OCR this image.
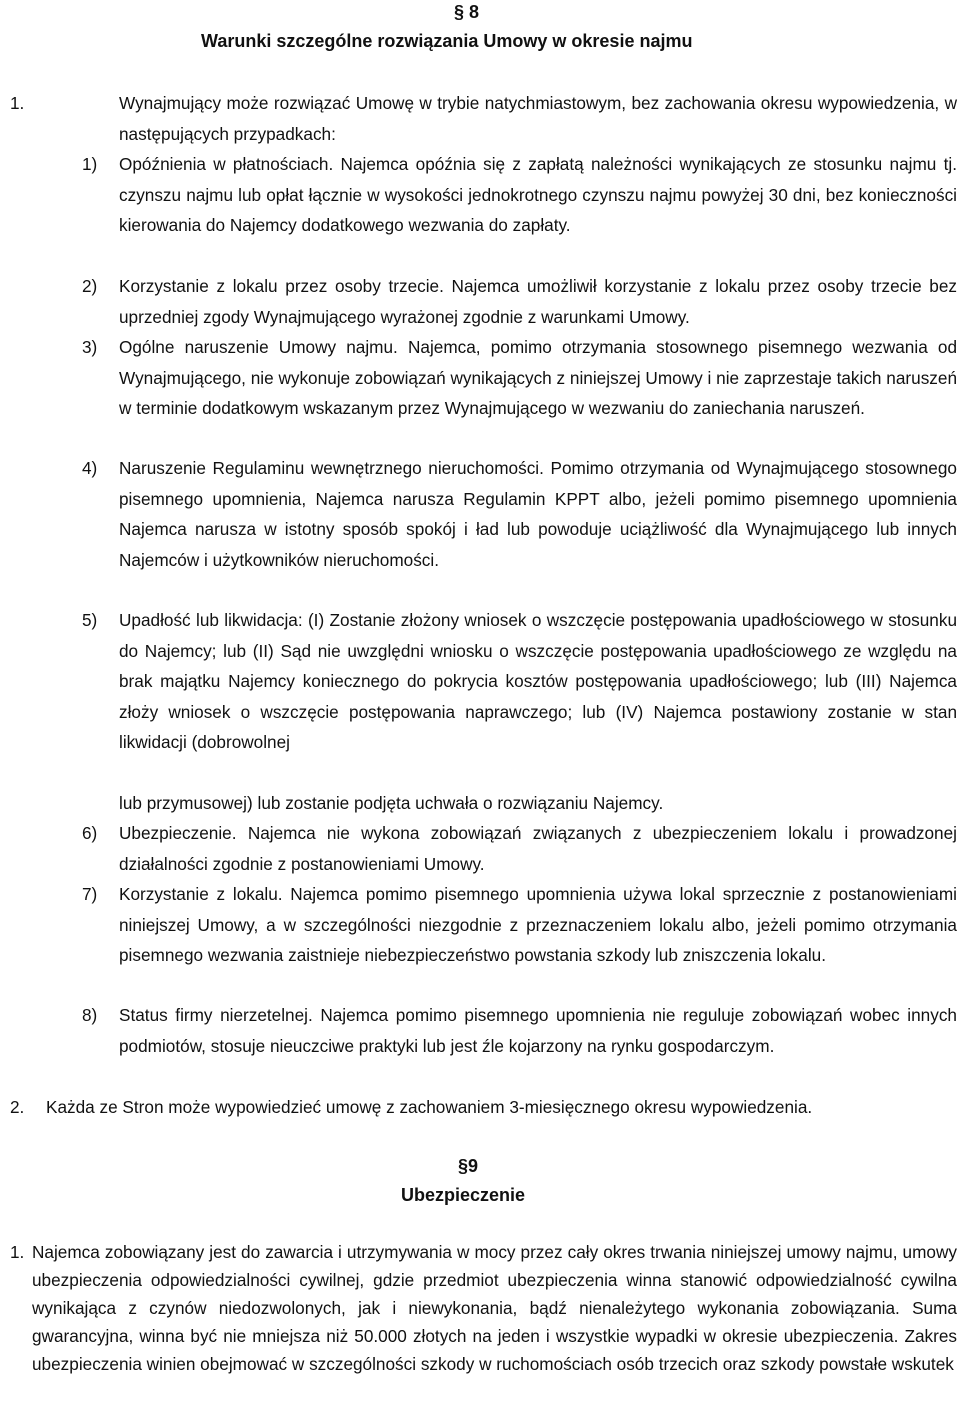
§ 8
Warunki szczególne rozwiązania Umowy w okresie najmu
1.	Wynajmujący może rozwiązać Umowę w trybie natychmiastowym, bez zachowania okresu wypowiedzenia, w następujących przypadkach:

1)	Opóźnienia w płatnościach. Najemca opóźnia się z zapłatą należności wynikających ze stosunku najmu tj. czynszu najmu lub opłat łącznie w wysokości jednokrotnego czynszu najmu powyżej 30 dni, bez konieczności kierowania do Najemcy dodatkowego wezwania do zapłaty.

2)	Korzystanie z lokalu przez osoby trzecie. Najemca umożliwił korzystanie z lokalu przez osoby trzecie bez uprzedniej zgody Wynajmującego wyrażonej zgodnie z warunkami Umowy.

3)	Ogólne naruszenie Umowy najmu. Najemca, pomimo otrzymania stosownego pisemnego wezwania od Wynajmującego, nie wykonuje zobowiązań wynikających z niniejszej Umowy i nie zaprzestaje takich naruszeń w terminie dodatkowym wskazanym przez Wynajmującego w wezwaniu do zaniechania naruszeń.

4)	Naruszenie Regulaminu wewnętrznego nieruchomości. Pomimo otrzymania od Wynajmującego stosownego pisemnego upomnienia, Najemca narusza Regulamin KPPT albo, jeżeli pomimo pisemnego upomnienia Najemca narusza w istotny sposób spokój i ład lub powoduje uciążliwość dla Wynajmującego lub innych Najemców i użytkowników nieruchomości.

5)	Upadłość lub likwidacja: (I) Zostanie złożony wniosek o wszczęcie postępowania upadłościowego w stosunku do Najemcy; lub (II) Sąd nie uwzględni wniosku o wszczęcie postępowania upadłościowego ze względu na brak majątku Najemcy koniecznego do pokrycia kosztów postępowania upadłościowego; lub (III) Najemca złoży wniosek o wszczęcie postępowania naprawczego; lub (IV) Najemca postawiony zostanie w stan likwidacji (dobrowolnej

lub przymusowej) lub zostanie podjęta uchwała o rozwiązaniu Najemcy.

6)	Ubezpieczenie. Najemca nie wykona zobowiązań związanych z ubezpieczeniem lokalu i prowadzonej działalności zgodnie z postanowieniami Umowy.

7)	Korzystanie z lokalu. Najemca pomimo pisemnego upomnienia używa lokal sprzecznie z postanowieniami niniejszej Umowy, a w szczególności niezgodnie z przeznaczeniem lokalu albo, jeżeli pomimo otrzymania pisemnego wezwania zaistnieje niebezpieczeństwo powstania szkody lub zniszczenia lokalu.

8)	Status firmy nierzetelnej. Najemca pomimo pisemnego upomnienia nie reguluje zobowiązań wobec innych podmiotów, stosuje nieuczciwe praktyki lub jest źle kojarzony na rynku gospodarczym.

2.	Każda ze Stron może wypowiedzieć umowę z zachowaniem 3-miesięcznego okresu wypowiedzenia.

§9
Ubezpieczenie
1. Najemca zobowiązany jest do zawarcia i utrzymywania w mocy przez cały okres trwania niniejszej umowy najmu, umowy ubezpieczenia odpowiedzialności cywilnej, gdzie przedmiot ubezpieczenia winna stanowić odpowiedzialność cywilna wynikająca z czynów niedozwolonych, jak i niewykonania, bądź nienależytego wykonania zobowiązania. Suma gwarancyjna, winna być nie mniejsza niż 50.000 złotych na jeden i wszystkie wypadki w okresie ubezpieczenia. Zakres ubezpieczenia winien obejmować w szczególności szkody w ruchomościach osób trzecich oraz szkody powstałe wskutek
